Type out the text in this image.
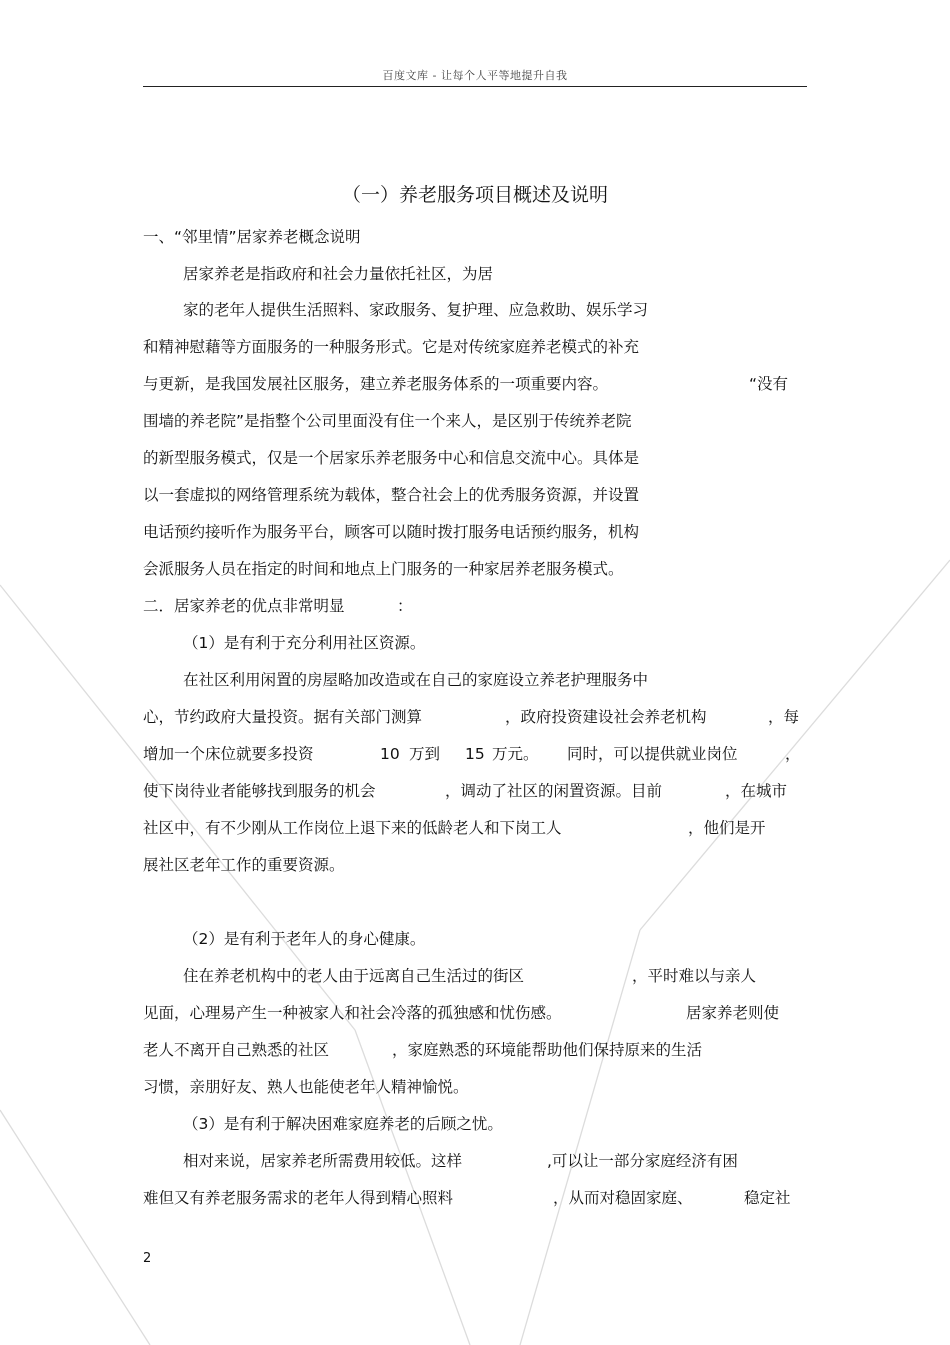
百度文库 - 让每个人平等地提升自我
（一）养老服务项目概述及说明
一、“邻里情”居家养老概念说明
居家养老是指政府和社会力量依托社区，为居
家的老年人提供生活照料、家政服务、复护理、应急救助、娱乐学习
和精神慰藉等方面服务的一种服务形式。它是对传统家庭养老模式的补充
与更新，是我国发展社区服务，建立养老服务体系的一项重要内容。	“没有
围墙的养老院”是指整个公司里面没有住一个来人，是区别于传统养老院
的新型服务模式，仅是一个居家乐养老服务中心和信息交流中心。具体是
以一套虚拟的网络管理系统为载体，整合社会上的优秀服务资源，并设置
电话预约接听作为服务平台，顾客可以随时拨打服务电话预约服务，机构
会派服务人员在指定的时间和地点上门服务的一种家居养老服务模式。
二．居家养老的优点非常明显	：
（1）是有利于充分利用社区资源。
在社区利用闲置的房屋略加改造或在自己的家庭设立养老护理服务中
心，节约政府大量投资。据有关部门测算	，政府投资建设社会养老机构	，每
增加一个床位就要多投资	10 万到 15 万元。 同时，可以提供就业岗位	，
使下岗待业者能够找到服务的机会	，调动了社区的闲置资源。目前	，在城市
社区中，有不少刚从工作岗位上退下来的低龄老人和下岗工人	，他们是开
展社区老年工作的重要资源。
（2）是有利于老年人的身心健康。
住在养老机构中的老人由于远离自己生活过的街区	，平时难以与亲人
见面，心理易产生一种被家人和社会冷落的孤独感和忧伤感。	居家养老则使
老人不离开自己熟悉的社区	，家庭熟悉的环境能帮助他们保持原来的生活
习惯，亲朋好友、熟人也能使老年人精神愉悦。
（3）是有利于解决困难家庭养老的后顾之忧。
相对来说，居家养老所需费用较低。这样	,可以让一部分家庭经济有困
难但又有养老服务需求的老年人得到精心照料	，从而对稳固家庭、	稳定社
2
